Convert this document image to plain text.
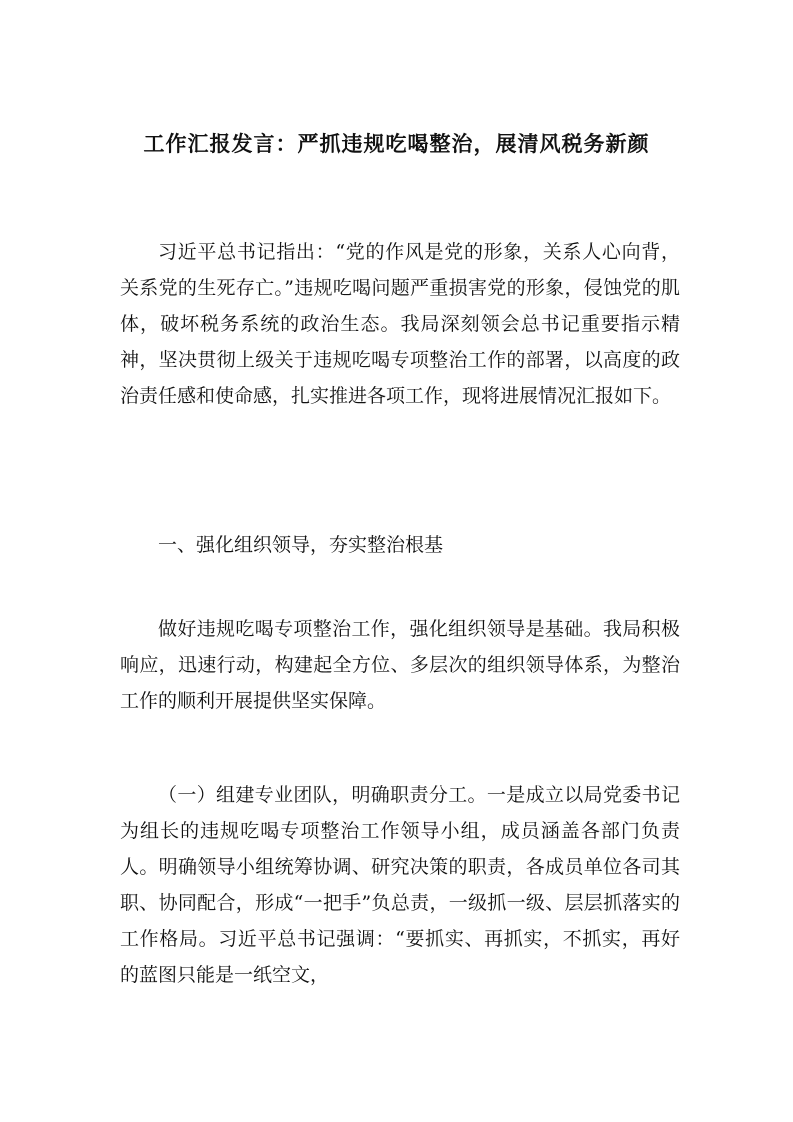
工作汇报发言：严抓违规吃喝整治，展清风税务新颜

习近平总书记指出：“党的作风是党的形象，关系人心向背，关系党的生死存亡。”违规吃喝问题严重损害党的形象，侵蚀党的肌体，破坏税务系统的政治生态。我局深刻领会总书记重要指示精神，坚决贯彻上级关于违规吃喝专项整治工作的部署，以高度的政治责任感和使命感，扎实推进各项工作，现将进展情况汇报如下。

一、强化组织领导，夯实整治根基

做好违规吃喝专项整治工作，强化组织领导是基础。我局积极响应，迅速行动，构建起全方位、多层次的组织领导体系，为整治工作的顺利开展提供坚实保障。

（一）组建专业团队，明确职责分工。一是成立以局党委书记为组长的违规吃喝专项整治工作领导小组，成员涵盖各部门负责人。明确领导小组统筹协调、研究决策的职责，各成员单位各司其职、协同配合，形成“一把手”负总责，一级抓一级、层层抓落实的工作格局。习近平总书记强调：“要抓实、再抓实，不抓实，再好的蓝图只能是一纸空文，
